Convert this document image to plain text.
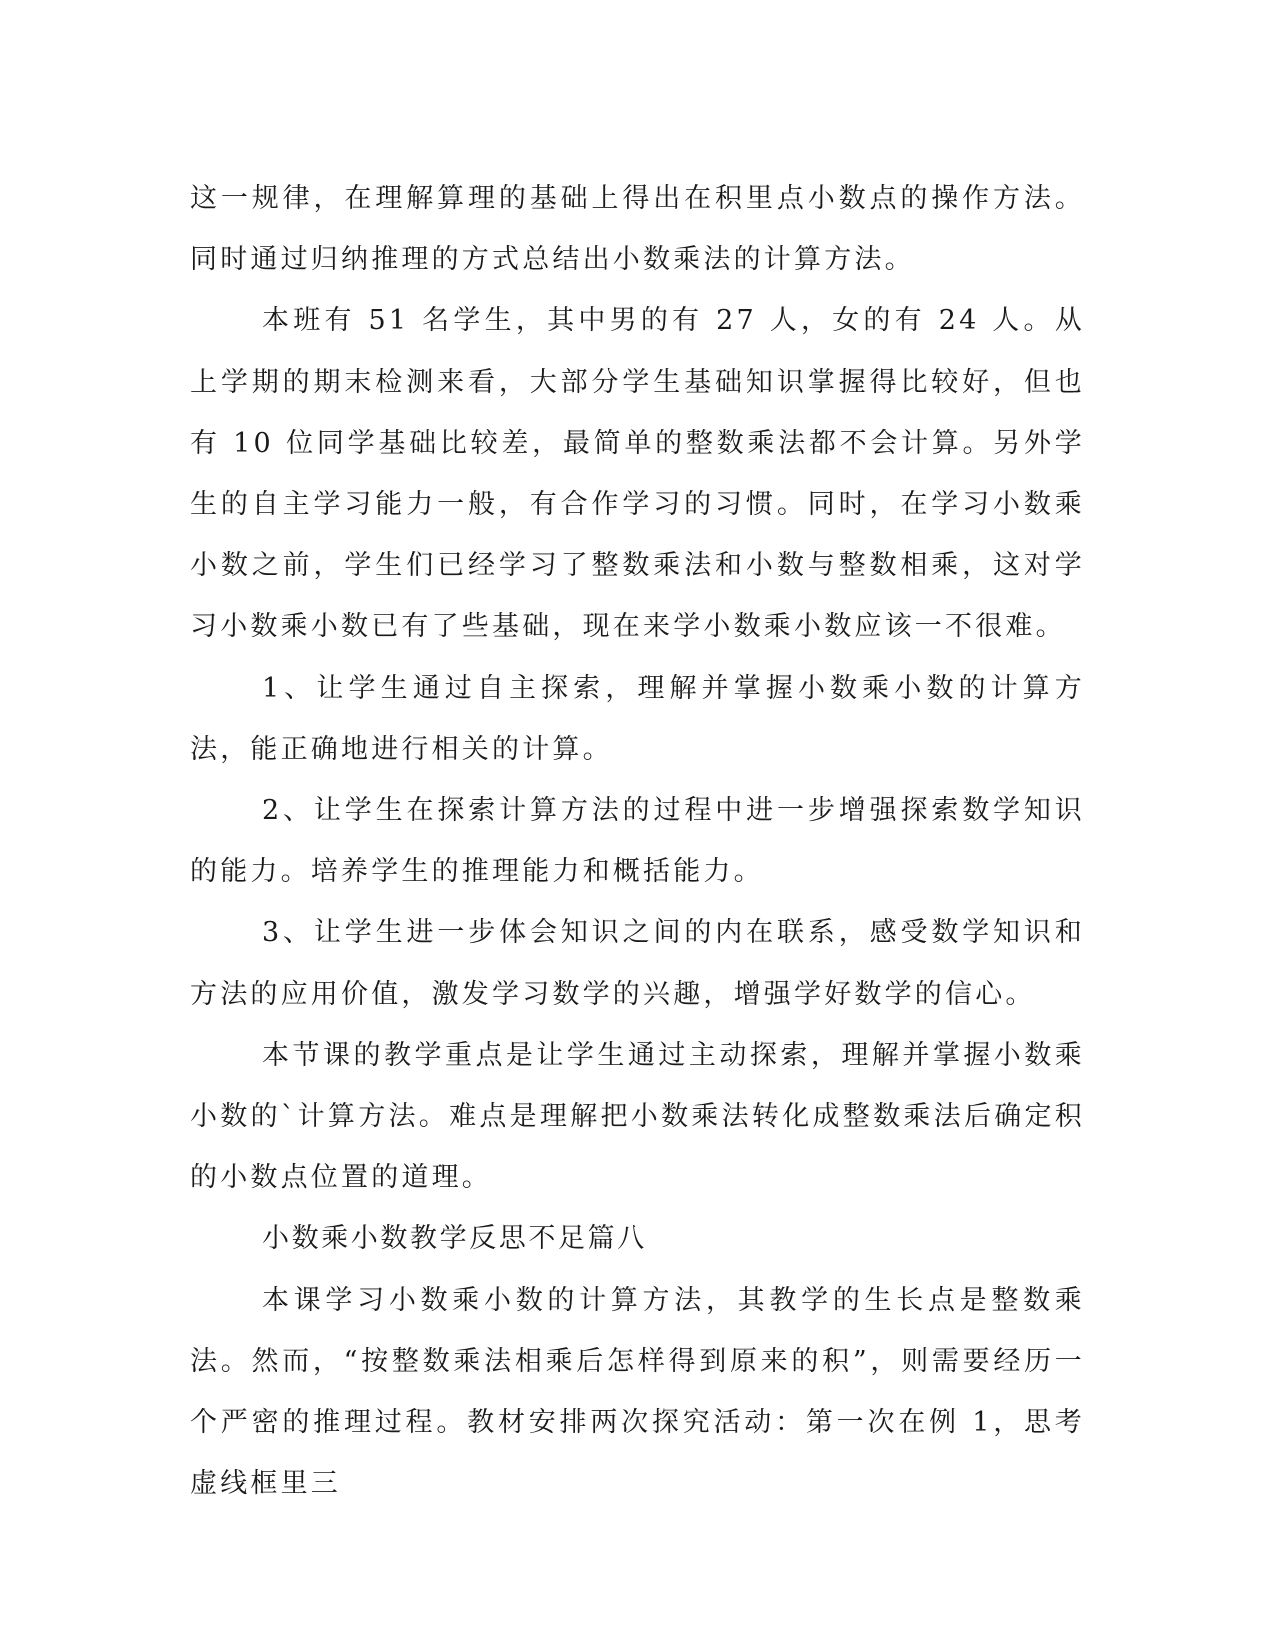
这一规律，在理解算理的基础上得出在积里点小数点的操作方法。同时通过归纳推理的方式总结出小数乘法的计算方法。

本班有 51 名学生，其中男的有 27 人，女的有 24 人。从上学期的期末检测来看，大部分学生基础知识掌握得比较好，但也有 10 位同学基础比较差，最简单的整数乘法都不会计算。另外学生的自主学习能力一般，有合作学习的习惯。同时，在学习小数乘小数之前，学生们已经学习了整数乘法和小数与整数相乘，这对学习小数乘小数已有了些基础，现在来学小数乘小数应该一不很难。

1、让学生通过自主探索，理解并掌握小数乘小数的计算方法，能正确地进行相关的计算。

2、让学生在探索计算方法的过程中进一步增强探索数学知识的能力。培养学生的推理能力和概括能力。

3、让学生进一步体会知识之间的内在联系，感受数学知识和方法的应用价值，激发学习数学的兴趣，增强学好数学的信心。

本节课的教学重点是让学生通过主动探索，理解并掌握小数乘小数的`计算方法。难点是理解把小数乘法转化成整数乘法后确定积的小数点位置的道理。

小数乘小数教学反思不足篇八

本课学习小数乘小数的计算方法，其教学的生长点是整数乘法。然而，“按整数乘法相乘后怎样得到原来的积”，则需要经历一个严密的推理过程。教材安排两次探究活动：第一次在例 1，思考虚线框里三
